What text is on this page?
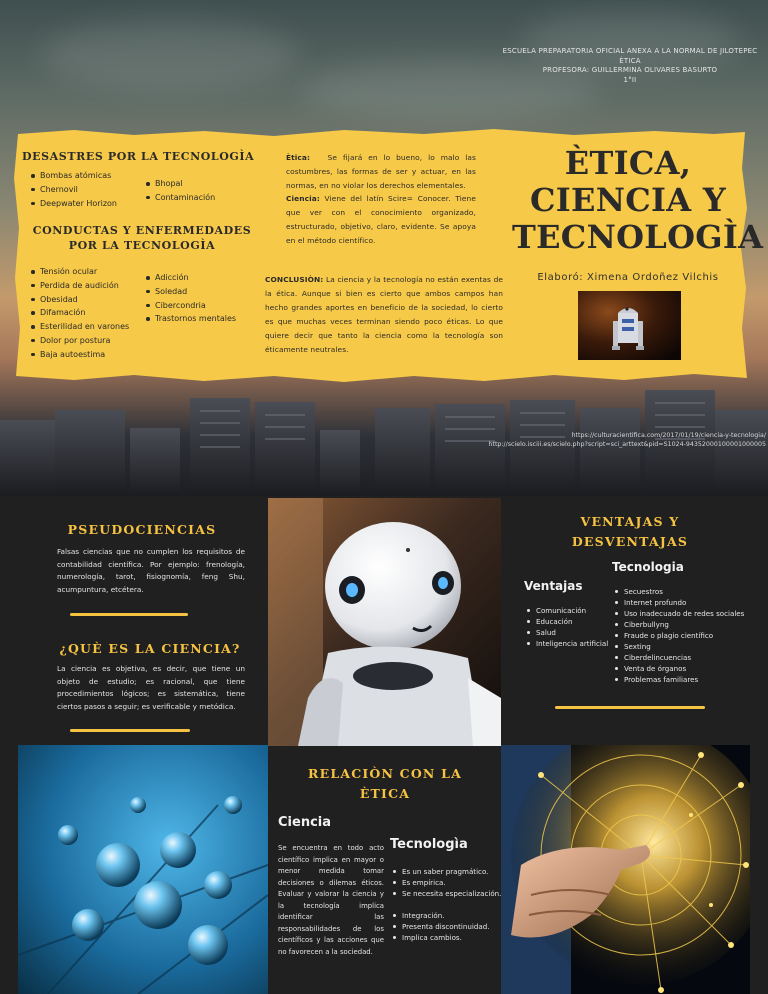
ESCUELA PREPARATORIA OFICIAL ANEXA A LA NORMAL DE JILOTEPEC
ÈTICA
PROFESORA: GUILLERMINA OLIVARES BASURTO
1°II
https://culturacientifica.com/2017/01/19/ciencia-y-tecnologia/
http://scielo.isciii.es/scielo.php?script=sci_arttext&pid=S1024-94352000100001000005
DESASTRES POR LA TECNOLOGÌA
Bombas atómicas
Chernovil
Deepwater Horizon
Bhopal
Contaminación
CONDUCTAS Y ENFERMEDADES
POR LA TECNOLOGÌA
Tensión ocular
Perdida de audición
Obesidad
Difamación
Esterilidad en varones
Dolor por postura
Baja autoestima
Adicción
Soledad
Cibercondria
Trastornos mentales

Ètica: Se fijará en lo bueno, lo malo las costumbres, las formas de ser y actuar, en las normas, en no violar los derechos elementales.

Ciencia: Viene del latín Scire= Conocer. Tiene que ver con el conocimiento organizado, estructurado, objetivo, claro, evidente. Se apoya en el método científico.

CONCLUSIÒN: La ciencia y la tecnología no están exentas de la ética. Aunque si bien es cierto que ambos campos han hecho grandes aportes en beneficio de la sociedad, lo cierto es que muchas veces terminan siendo poco éticas. Lo que quiere decir que tanto la ciencia como la tecnología son éticamente neutrales.

ÈTICA,
CIENCIA Y
TECNOLOGÌA
Elaboró: Ximena Ordoñez Vilchis
PSEUDOCIENCIAS

Falsas ciencias que no cumplen los requisitos de contabilidad científica. Por ejemplo: frenología, numerología, tarot, fisiognomía, feng Shu, acumpuntura, etcétera.

¿QUÈ ES LA CIENCIA?

La ciencia es objetiva, es decir, que tiene un objeto de estudio; es racional, que tiene procedimientos lógicos; es sistemática, tiene ciertos pasos a seguir; es verificable y metódica.

VENTAJAS Y
DESVENTAJAS
Tecnologia
Ventajas
Comunicación
Educación
Salud
Inteligencia artificial
Secuestros
Internet profundo
Uso inadecuado de redes sociales
Ciberbullyng
Fraude o plagio científico
Sexting
Ciberdelincuencias
Venta de órganos
Problemas familiares
RELACIÒN CON LA
ÈTICA
Ciencia
Tecnologìa

Se encuentra en todo acto científico implica en mayor o menor medida tomar decisiones o dilemas éticos. Evaluar y valorar la ciencia y la tecnología implica identificar las responsabilidades de los científicos y las acciones que no favorecen a la sociedad.

Es un saber pragmático.
Es empírica.
Se necesita especialización.

Integración.
Presenta discontinuidad.
Implica cambios.
